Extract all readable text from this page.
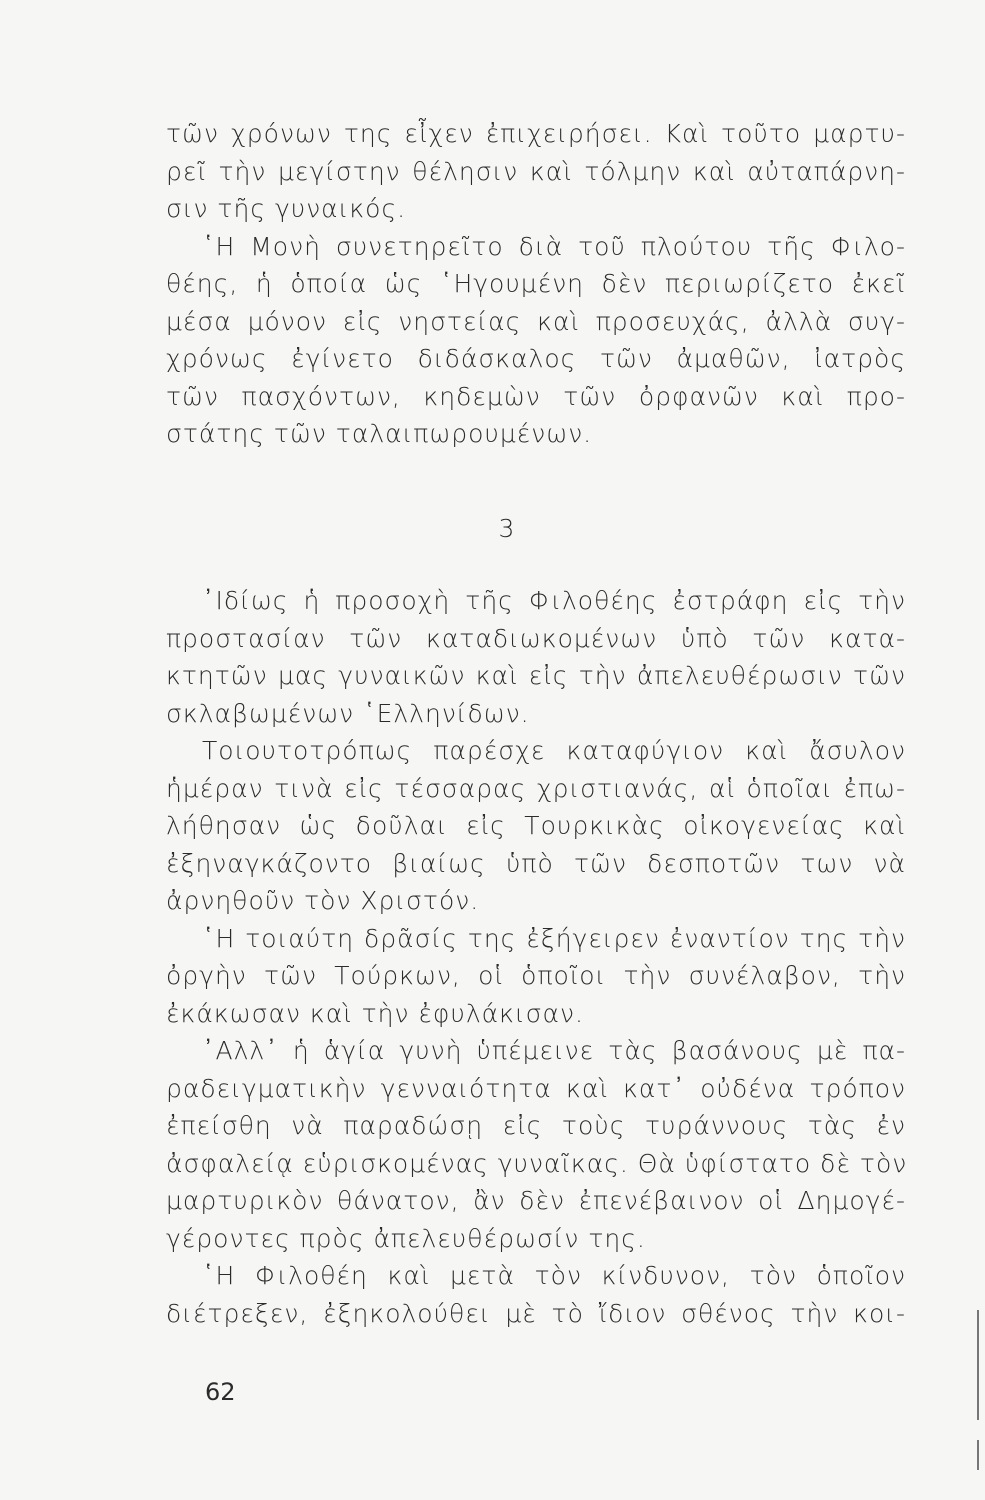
τῶν χρόνων της εἶχεν ἐπιχειρήσει. Καὶ τοῦτο μαρτυ-
ρεῖ τὴν μεγίστην θέλησιν καὶ τόλμην καὶ αὐταπάρνη-
σιν τῆς γυναικός.
῾Η Μονὴ συνετηρεῖτο διὰ τοῦ πλούτου τῆς Φιλο-
θέης, ἡ ὁποία ὡς ῾Ηγουμένη δὲν περιωρίζετο ἐκεῖ
μέσα μόνον εἰς νηστείας καὶ προσευχάς, ἀλλὰ συγ-
χρόνως ἐγίνετο διδάσκαλος τῶν ἀμαθῶν, ἰατρὸς
τῶν πασχόντων, κηδεμὼν τῶν ὀρφανῶν καὶ προ-
στάτης τῶν ταλαιπωρουμένων.
3
᾿Ιδίως ἡ προσοχὴ τῆς Φιλοθέης ἐστράφη εἰς τὴν
προστασίαν τῶν καταδιωκομένων ὑπὸ τῶν κατα-
κτητῶν μας γυναικῶν καὶ εἰς τὴν ἀπελευθέρωσιν τῶν
σκλαβωμένων ῾Ελληνίδων.
Τοιουτοτρόπως παρέσχε καταφύγιον καὶ ἄσυλον
ἡμέραν τινὰ εἰς τέσσαρας χριστιανάς, αἱ ὁποῖαι ἐπω-
λήθησαν ὡς δοῦλαι εἰς Τουρκικὰς οἰκογενείας καὶ
ἐξηναγκάζοντο βιαίως ὑπὸ τῶν δεσποτῶν των νὰ
ἀρνηθοῦν τὸν Χριστόν.
῾Η τοιαύτη δρᾶσίς της ἐξήγειρεν ἐναντίον της τὴν
ὀργὴν τῶν Τούρκων, οἱ ὁποῖοι τὴν συνέλαβον, τὴν
ἐκάκωσαν καὶ τὴν ἐφυλάκισαν.
᾿Αλλ᾿ ἡ ἁγία γυνὴ ὑπέμεινε τὰς βασάνους μὲ πα-
ραδειγματικὴν γενναιότητα καὶ κατ᾿ οὐδένα τρόπον
ἐπείσθη νὰ παραδώσῃ εἰς τοὺς τυράννους τὰς ἐν
ἀσφαλείᾳ εὑρισκομένας γυναῖκας. Θὰ ὑφίστατο δὲ τὸν
μαρτυρικὸν θάνατον, ἂν δὲν ἐπενέβαινον οἱ Δημογέ-
γέροντες πρὸς ἀπελευθέρωσίν της.
῾Η Φιλοθέη καὶ μετὰ τὸν κίνδυνον, τὸν ὁποῖον
διέτρεξεν, ἐξηκολούθει μὲ τὸ ἴδιον σθένος τὴν κοι-
62
